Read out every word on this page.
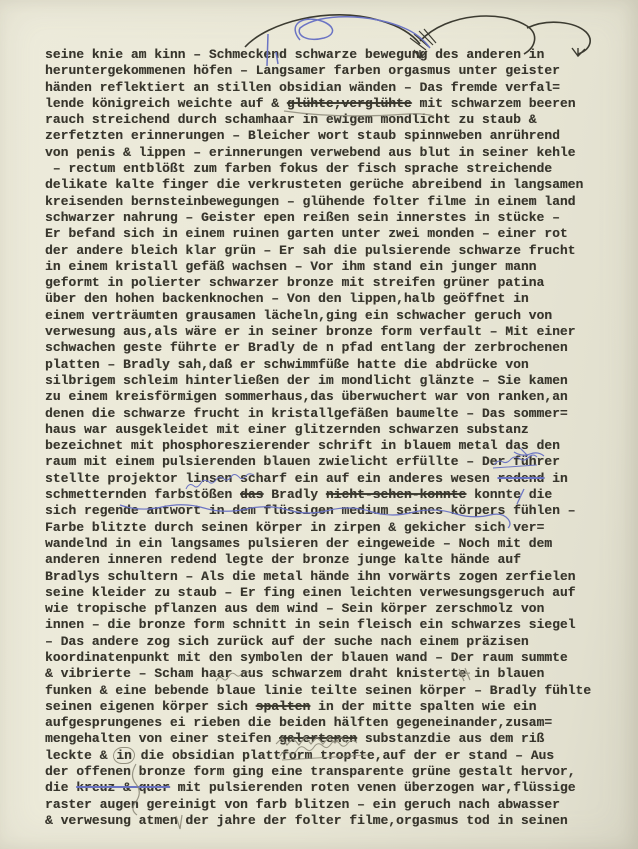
seine knie am kinn – Schmeckend schwarze bewegung des anderen in
heruntergekommenen höfen – Langsamer farben orgasmus unter geister
händen reflektiert an stillen obsidian wänden – Das fremde verfal=
lende königreich weichte auf & glühte;verglühte mit schwarzem beeren
rauch streichend durch schamhaar in ewigem mondlicht zu staub &
zerfetzten erinnerungen – Bleicher wort staub spinnweben anrührend
von penis & lippen – erinnerungen verwebend aus blut in seiner kehle
– rectum entblößt zum farben fokus der fisch sprache streichende
delikate kalte finger die verkrusteten gerüche abreibend in langsamen
kreisenden bernsteinbewegungen – glühende folter filme in einem land
schwarzer nahrung – Geister epen reißen sein innerstes in stücke –
Er befand sich in einem ruinen garten unter zwei monden – einer rot
der andere bleich klar grün – Er sah die pulsierende schwarze frucht
in einem kristall gefäß wachsen – Vor ihm stand ein junger mann
geformt in polierter schwarzer bronze mit streifen grüner patina
über den hohen backenknochen – Von den lippen,halb geöffnet in
einem verträumten grausamen lächeln,ging ein schwacher geruch von
verwesung aus,als wäre er in seiner bronze form verfault – Mit einer
schwachen geste führte er Bradly de n pfad entlang der zerbrochenen
platten – Bradly sah,daß er schwimmfüße hatte die abdrücke von
silbrigem schleim hinterließen der im mondlicht glänzte – Sie kamen
zu einem kreisförmigen sommerhaus,das überwuchert war von ranken,an
denen die schwarze frucht in kristallgefäßen baumelte – Das sommer=
haus war ausgekleidet mit einer glitzernden schwarzen substanz
bezeichnet mit phosphoreszierender schrift in blauem metal das den
raum mit einem pulsierenden blauen zwielicht erfüllte – Der führer
stellte projektor linsen scharf ein auf ein anderes wesen redend in
schmetternden farbstößen das Bradly nicht-sehen-konnte konnte die
sich regende antwort in dem flüssigen medium seines körpers fühlen –
Farbe blitzte durch seinen körper in zirpen & gekicher sich ver=
wandelnd in ein langsames pulsieren der eingeweide – Noch mit dem
anderen inneren redend legte der bronze junge kalte hände auf
Bradlys schultern – Als die metal hände ihn vorwärts zogen zerfielen
seine kleider zu staub – Er fing einen leichten verwesungsgeruch auf
wie tropische pflanzen aus dem wind – Sein körper zerschmolz von
innen – die bronze form schnitt in sein fleisch ein schwarzes siegel
– Das andere zog sich zurück auf der suche nach einem präzisen
koordinatenpunkt mit den symbolen der blauen wand – Der raum summte
& vibrierte – Scham haar aus schwarzem draht knisterte in blauen
funken & eine bebende blaue linie teilte seinen körper – Bradly fühlte
seinen eigenen körper sich spalten in der mitte spalten wie ein
aufgesprungenes ei rieben die beiden hälften gegeneinander,zusam=
mengehalten von einer steifen galertenen substanzdie aus dem riß
leckte & in die obsidian plattform tropfte,auf der er stand – Aus
der offenen bronze form ging eine transparente grüne gestalt hervor,
die kreuz & quer mit pulsierenden roten venen überzogen war,flüssige
raster augen gereinigt von farb blitzen – ein geruch nach abwasser
& verwesung atmen der jahre der folter filme,orgasmus tod in seinen
